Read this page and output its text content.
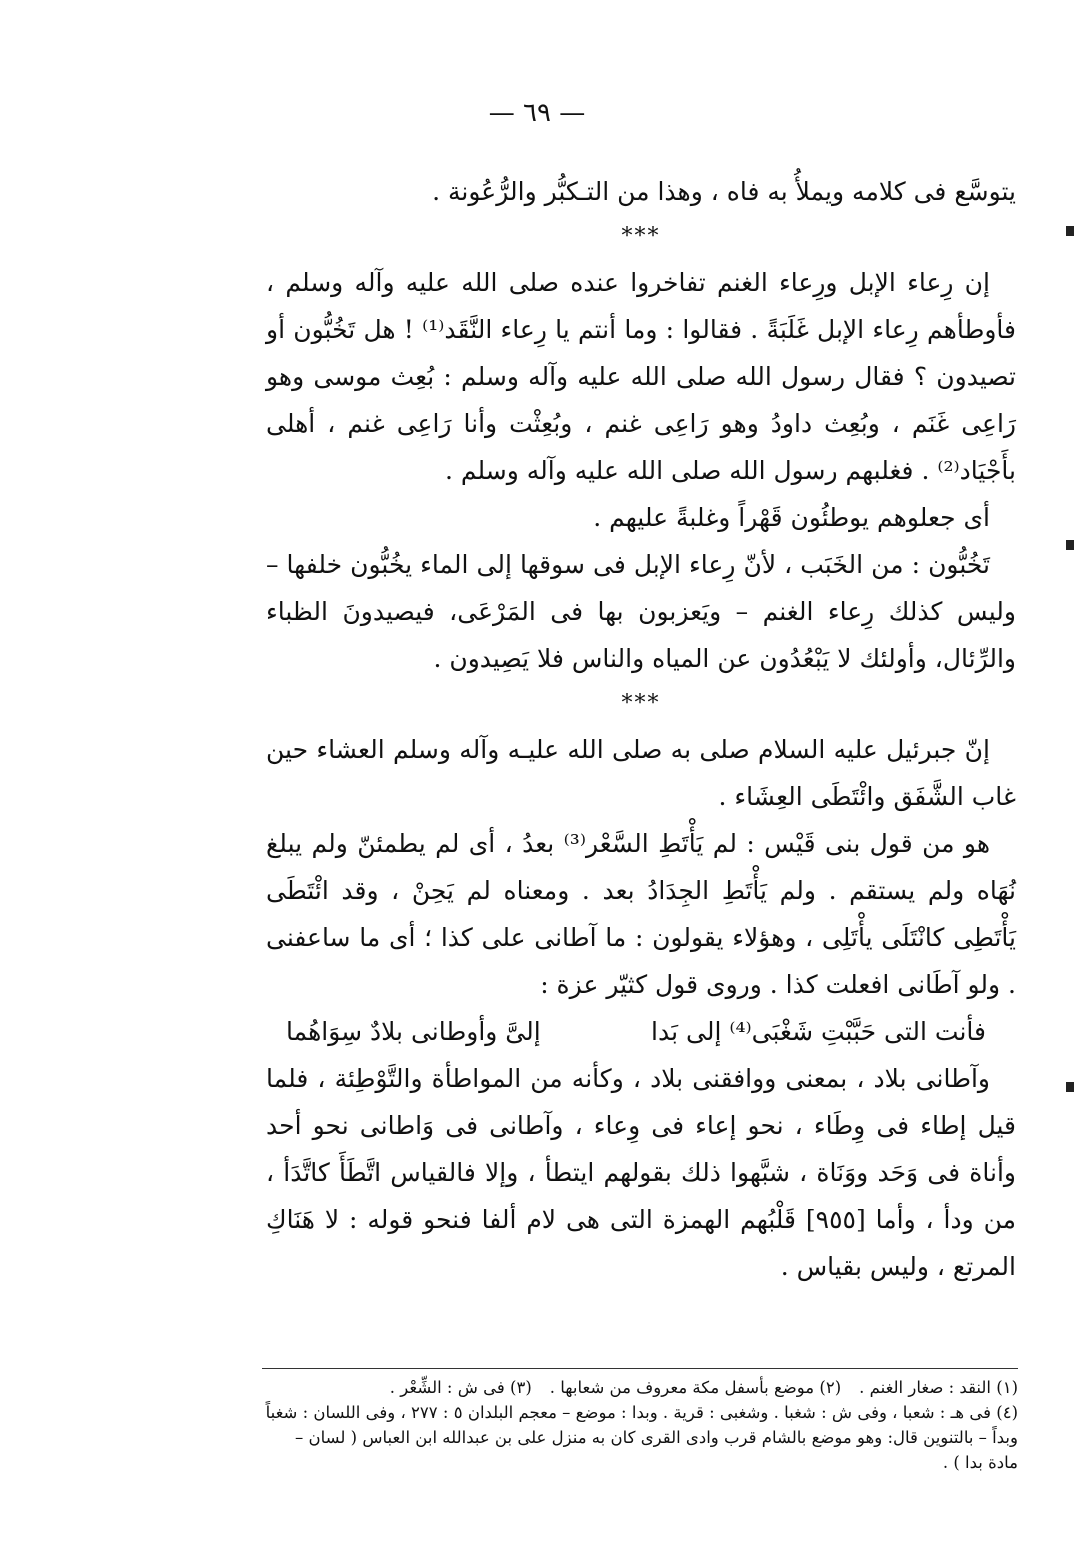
— ٦٩ —

يتوسَّع فى كلامه ويملأُ به فاه ، وهذا من التـكبُّر والرُّعُونة .

***

إن رِعاء الإبل ورِعاء الغنم تفاخروا عنده صلى الله عليه وآله وسلم ، فأوطأهم رِعاء الإبل غَلَبَةً . فقالوا : وما أنتم يا رِعاء النَّقَد⁽¹⁾ ! هل تَخُبُّون أو تصيدون ؟ فقال رسول الله صلى الله عليه وآله وسلم : بُعِث موسى وهو رَاعِى غَنَم ، وبُعِث داودُ وهو رَاعِى غنم ، وبُعِثْت وأنا رَاعِى غنم ، أهلى بأَجْيَاد⁽²⁾ . فغلبهم رسول الله صلى الله عليه وآله وسلم .

أى جعلوهم يوطئُون قَهْراً وغلبةً عليهم .

تَخُبُّون : من الخَبَب ، لأنّ رِعاء الإبل فى سوقها إلى الماء يخُبُّون خلفها – وليس كذلك رِعاء الغنم – ويَعزبون بها فى المَرْعَى، فيصيدونَ الظباء والرِّئال، وأولئك لا يَبْعُدُون عن المياه والناس فلا يَصِيدون .

***

إنّ جبرئيل عليه السلام صلى به صلى الله عليـه وآله وسلم العشاء حين غاب الشَّفَق وائْتَطَى العِشَاء .

هو من قول بنى قَيْس : لم يَأْتَطِ السَّعْر⁽³⁾ بعدُ ، أى لم يطمئنّ ولم يبلغ نُهَاه ولم يستقم . ولم يَأْتَطِ الجِدَادُ بعد . ومعناه لم يَحِنْ ، وقد ائْتَطَى يَأْتَطِى كانْتَلَى يأْتَلِى ، وهؤلاء يقولون : ما آطانى على كذا ؛ أى ما ساعفنى . ولو آطَانى افعلت كذا . وروى قول كثيّر عزة :

فأنت التى حَبَّبْتِ شَغْبَى⁽⁴⁾ إلى بَدا
إلىَّ وأوطانى بلادٌ سِوَاهُما

وآطانى بلاد ، بمعنى ووافقنى بلاد ، وكأنه من المواطأة والتَّوْطِئة ، فلما قيل إطاء فى وِطَاء ، نحو إعاء فى وِعاء ، وآطانى فى وَاطانى نحو أحد وأناة فى وَحَد ووَنَاة ، شبَّهوا ذلك بقولهم ايتطأ ، وإلا فالقياس اتَّطَأَ كاتَّدَأ ، من ودأ ، وأما [٩٥٥] قَلْبُهم الهمزة التى هى لام ألفا فنحو قوله : لا هَنَاكِ المرتع ، وليس بقياس .

(١) النقد : صغار الغنم .
(٢) موضع بأسفل مكة معروف من شعابها .
(٣) فى ش : الشِّعْر .

(٤) فى هـ : شعبا ، وفى ش : شغبا . وشغبى : قرية . وبدا : موضع – معجم البلدان ٥ : ٢٧٧ ، وفى اللسان : شغباً وبداً – بالتنوين قال: وهو موضع بالشام قرب وادى القرى كان به منزل على بن عبدالله ابن العباس ( لسان – مادة بدا ) .
